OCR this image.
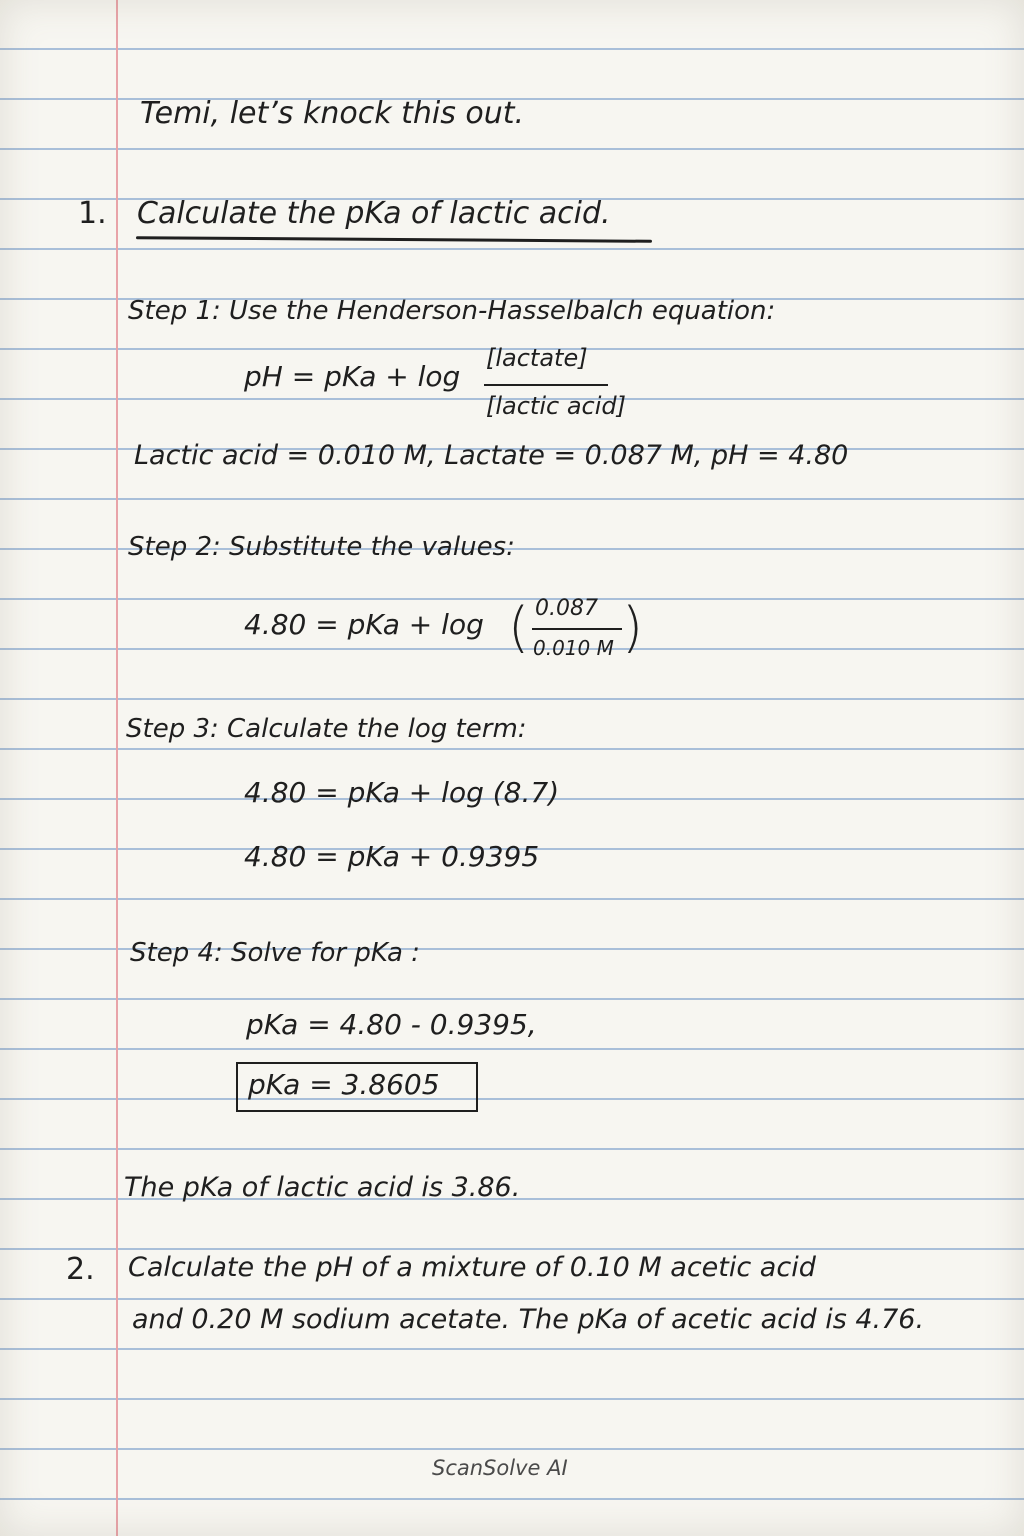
Temi, let’s knock this out.
1. Calculate the pKa of lactic acid.
Step 1: Use the Henderson-Hasselbalch equation:
pH = pKa + log
[lactate]
[lactic acid]
Lactic acid = 0.010 M, Lactate = 0.087 M, pH = 4.80
Step 2: Substitute the values:
4.80 = pKa + log ( 0.087
0.010 M )
Step 3: Calculate the log term:
4.80 = pKa + log (8.7)
4.80 = pKa + 0.9395
Step 4: Solve for pKa :
pKa = 4.80 - 0.9395,
pKa = 3.8605
The pKa of lactic acid is 3.86.
2. Calculate the pH of a mixture of 0.10 M acetic acid
and 0.20 M sodium acetate. The pKa of acetic acid is 4.76.
ScanSolve AI
